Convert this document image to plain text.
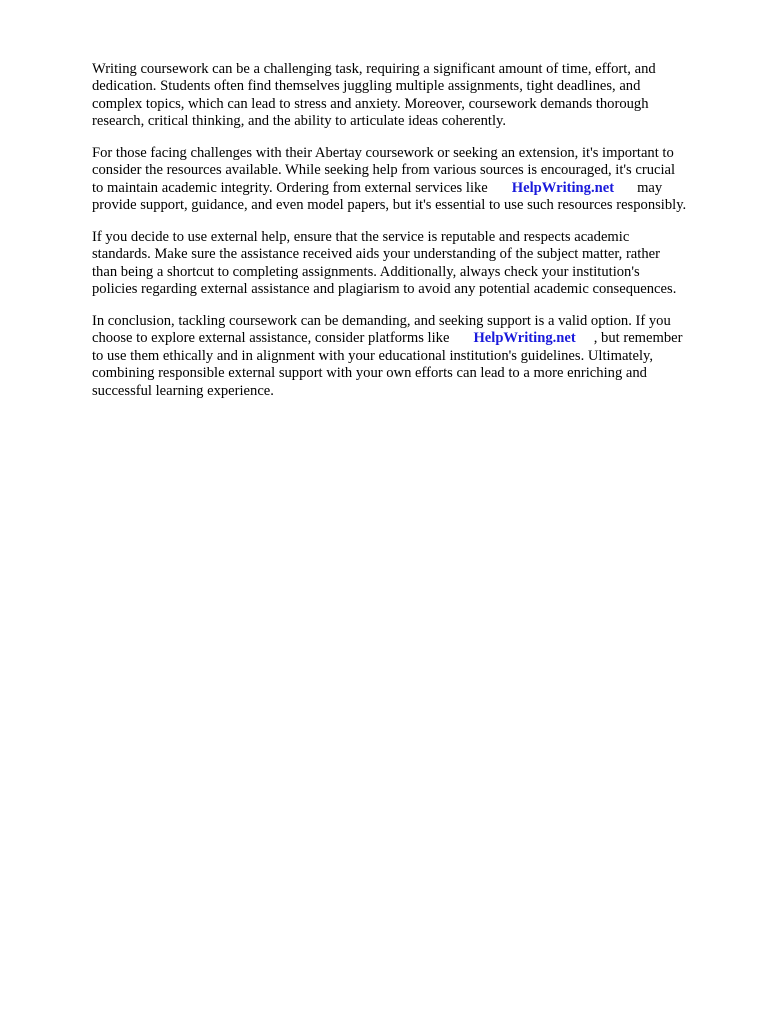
Writing coursework can be a challenging task, requiring a significant amount of time, effort, and
dedication. Students often find themselves juggling multiple assignments, tight deadlines, and
complex topics, which can lead to stress and anxiety. Moreover, coursework demands thorough
research, critical thinking, and the ability to articulate ideas coherently.

For those facing challenges with their Abertay coursework or seeking an extension, it's important to
consider the resources available. While seeking help from various sources is encouraged, it's crucial
to maintain academic integrity. Ordering from external services like HelpWriting.net may
provide support, guidance, and even model papers, but it's essential to use such resources responsibly.

If you decide to use external help, ensure that the service is reputable and respects academic
standards. Make sure the assistance received aids your understanding of the subject matter, rather
than being a shortcut to completing assignments. Additionally, always check your institution's
policies regarding external assistance and plagiarism to avoid any potential academic consequences.

In conclusion, tackling coursework can be demanding, and seeking support is a valid option. If you
choose to explore external assistance, consider platforms like HelpWriting.net , but remember
to use them ethically and in alignment with your educational institution's guidelines. Ultimately,
combining responsible external support with your own efforts can lead to a more enriching and
successful learning experience.
